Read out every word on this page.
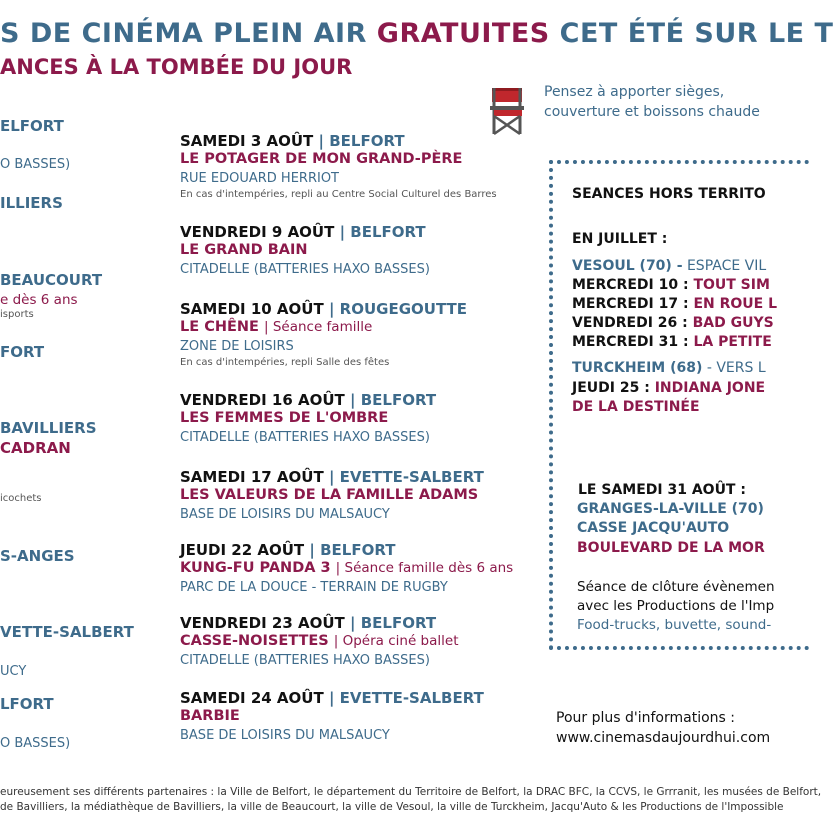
S DE CINÉMA PLEIN AIR GRATUITES CET ÉTÉ SUR LE T
ANCES À LA TOMBÉE DU JOUR
Pensez à apporter sièges,
couverture et boissons chaude
ELFORT
O BASSES)
ILLIERS
BEAUCOURT
e dès 6 ans
isports
FORT
BAVILLIERS
CADRAN
icochets
S-ANGES
VETTE-SALBERT
UCY
LFORT
O BASSES)
SAMEDI 3 AOÛT | BELFORT
LE POTAGER DE MON GRAND-PÈRE
RUE EDOUARD HERRIOT
En cas d'intempéries, repli au Centre Social Culturel des Barres
VENDREDI 9 AOÛT | BELFORT
LE GRAND BAIN
CITADELLE (BATTERIES HAXO BASSES)
SAMEDI 10 AOÛT | ROUGEGOUTTE
LE CHÊNE | Séance famille
ZONE DE LOISIRS
En cas d'intempéries, repli Salle des fêtes
VENDREDI 16 AOÛT | BELFORT
LES FEMMES DE L'OMBRE
CITADELLE (BATTERIES HAXO BASSES)
SAMEDI 17 AOÛT | EVETTE-SALBERT
LES VALEURS DE LA FAMILLE ADAMS
BASE DE LOISIRS DU MALSAUCY
JEUDI 22 AOÛT | BELFORT
KUNG-FU PANDA 3 | Séance famille dès 6 ans
PARC DE LA DOUCE - TERRAIN DE RUGBY
VENDREDI 23 AOÛT | BELFORT
CASSE-NOISETTES | Opéra ciné ballet
CITADELLE (BATTERIES HAXO BASSES)
SAMEDI 24 AOÛT | EVETTE-SALBERT
BARBIE
BASE DE LOISIRS DU MALSAUCY
SEANCES HORS TERRITO
EN JUILLET :
VESOUL (70) - ESPACE VIL
MERCREDI 10 : TOUT SIM
MERCREDI 17 : EN ROUE L
VENDREDI 26 : BAD GUYS
MERCREDI 31 : LA PETITE
TURCKHEIM (68) - VERS L
JEUDI 25 : INDIANA JONE
DE LA DESTINÉE
LE SAMEDI 31 AOÛT :
GRANGES-LA-VILLE (70)
CASSE JACQU'AUTO
BOULEVARD DE LA MOR
Séance de clôture évènemen
avec les Productions de l'Imp
Food-trucks, buvette, sound-
Pour plus d'informations :
www.cinemasdaujourdhui.com
eureusement ses différents partenaires : la Ville de Belfort, le département du Territoire de Belfort, la DRAC BFC, la CCVS, le Grrranit, les musées de Belfort,
de Bavilliers, la médiathèque de Bavilliers, la ville de Beaucourt, la ville de Vesoul, la ville de Turckheim, Jacqu'Auto & les Productions de l'Impossible
